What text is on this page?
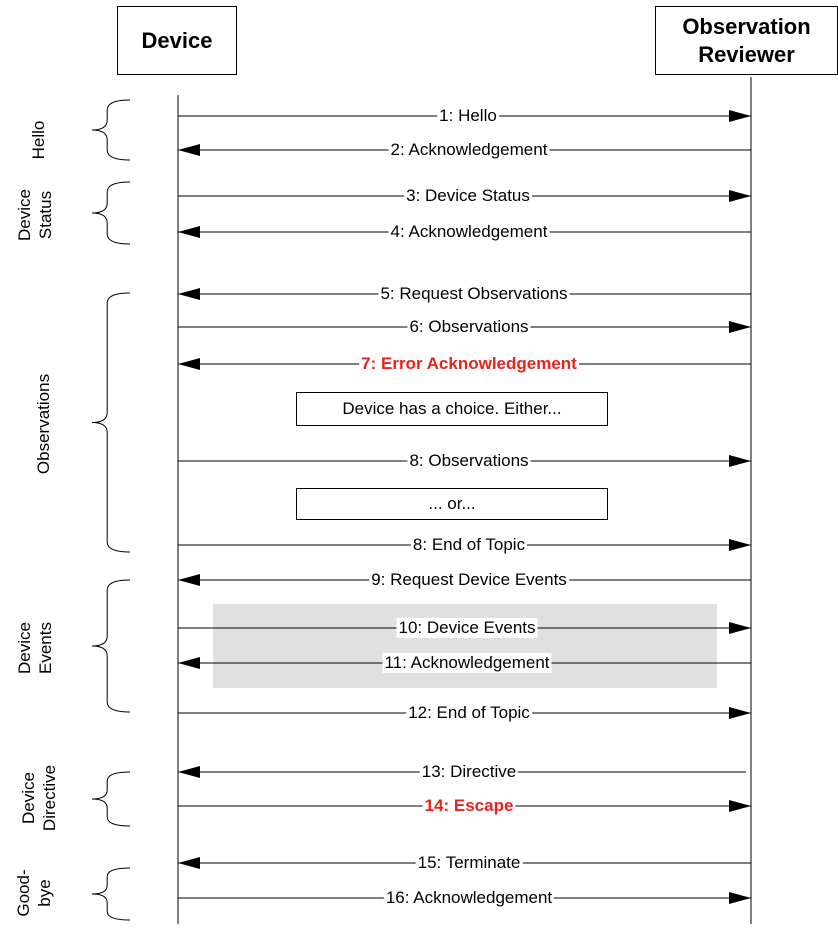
Device
Observation
Reviewer
Hello
Device Status
Observations
Device Events
Device Directive
Good- bye
Device has a choice. Either...
... or...
1: Hello
2: Acknowledgement
3: Device Status
4: Acknowledgement
5: Request Observations
6: Observations
7: Error Acknowledgement
8: Observations
8: End of Topic
9: Request Device Events
10: Device Events
11: Acknowledgement
12: End of Topic
13: Directive
14: Escape
15: Terminate
16: Acknowledgement
